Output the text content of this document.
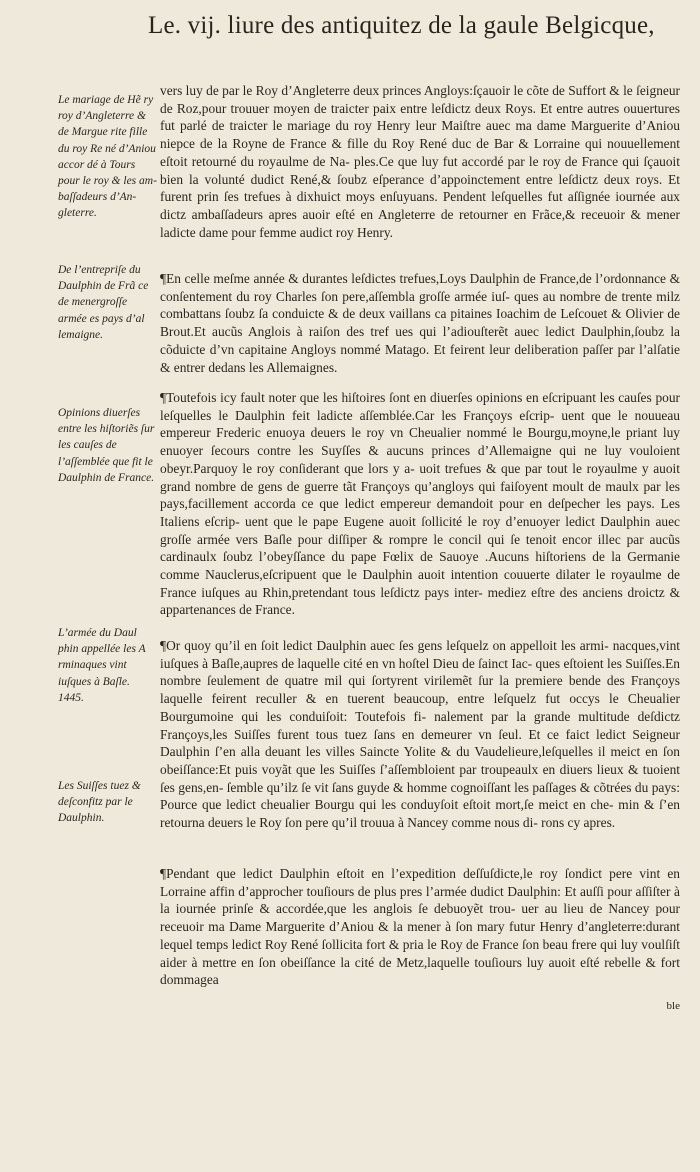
Le. vij. liure des antiquitez de la gaule Belgicque,
Le mariage de Hẽ ry roy d’Angleterre & de Margue rite fille du roy Re né d’Aniou accor dé à Tours pour le roy & les am- baſſadeurs d’An- gleterre.
De l’entrepriſe du Daulphin de Frã ce de menergroſſe armée es pays d’al lemaigne.
Opinions diuerſes entre les hiſtoriẽs ſur les cauſes de l’aſſemblée que fit le Daulphin de France.
L’armée du Daul phin appellée les A rminaques vint iuſques à Baſle. 1445.
Les Suiſſes tuez & deſconfitz par le Daulphin.
vers luy de par le Roy d’Angleterre deux princes Angloys:ſçauoir le cõte de Suffort & le ſeigneur de Roz,pour trouuer moyen de traicter paix entre leſdictz deux Roys. Et entre autres ouuertures fut parlé de traicter le mariage du roy Henry leur Maiſtre auec ma dame Marguerite d’Aniou niepce de la Royne de France & fille du Roy René duc de Bar & Lorraine qui nouuellement eſtoit retourné du royaulme de Na- ples.Ce que luy fut accordé par le roy de France qui ſçauoit bien la volunté dudict René,& ſoubz eſperance d’appoinctement entre leſdictz deux roys. Et furent prin ſes trefues à dixhuict moys enſuyuans. Pendent leſquelles fut aſſignée iournée aux dictz ambaſſadeurs apres auoir eſté en Angleterre de retourner en Frãce,& receuoir & mener ladicte dame pour femme audict roy Henry.
¶En celle meſme année & durantes leſdictes trefues,Loys Daulphin de France,de l’ordonnance & conſentement du roy Charles ſon pere,aſſembla groſſe armée iuſ- ques au nombre de trente milz combattans ſoubz ſa conduicte & de deux vaillans ca pitaines Ioachim de Leſcouet & Olivier de Brout.Et aucũs Anglois à raiſon des tref ues qui l’adiouſterẽt auec ledict Daulphin,ſoubz la cõduicte d’vn capitaine Angloys nommé Matago. Et feirent leur deliberation paſſer par l’alſatie & entrer dedans les Allemaignes.
¶Toutefois icy fault noter que les hiſtoires ſont en diuerſes opinions en eſcripuant les cauſes pour leſquelles le Daulphin feit ladicte aſſemblée.Car les Françoys eſcrip- uent que le nouueau empereur Frederic enuoya deuers le roy vn Cheualier nommé le Bourgu,moyne,le priant luy enuoyer ſecours contre les Suyſſes & aucuns princes d’Allemaigne qui ne luy vouloient obeyr.Parquoy le roy conſiderant que lors y a- uoit trefues & que par tout le royaulme y auoit grand nombre de gens de guerre tãt Françoys qu’angloys qui faiſoyent moult de maulx par les pays,facillement accorda ce que ledict empereur demandoit pour en deſpecher les pays. Les Italiens eſcrip- uent que le pape Eugene auoit ſollicité le roy d’enuoyer ledict Daulphin auec groſſe armée vers Baſle pour diſſiper & rompre le concil qui ſe tenoit encor illec par aucũs cardinaulx ſoubz l’obeyſſance du pape Fœlix de Sauoye .Aucuns hiſtoriens de la Germanie comme Nauclerus,eſcripuent que le Daulphin auoit intention couuerte dilater le royaulme de France iuſques au Rhin,pretendant tous leſdictz pays inter- mediez eſtre des anciens droictz & appartenances de France.
¶Or quoy qu’il en ſoit ledict Daulphin auec ſes gens leſquelz on appelloit les armi- nacques,vint iuſques à Baſle,aupres de laquelle cité en vn hoſtel Dieu de ſainct Iac- ques eſtoient les Suiſſes.En nombre ſeulement de quatre mil qui ſortyrent virilemẽt ſur la premiere bende des Françoys laquelle feirent reculler & en tuerent beaucoup, entre leſquelz fut occys le Cheualier Bourgumoine qui les conduiſoit: Toutefois fi- nalement par la grande multitude deſdictz Françoys,les Suiſſes furent tous tuez ſans en demeurer vn ſeul. Et ce faict ledict Seigneur Daulphin ſ’en alla deuant les villes Saincte Yolite & du Vaudelieure,leſquelles il meict en ſon obeiſſance:Et puis voyãt que les Suiſſes ſ’aſſembloient par troupeaulx en diuers lieux & tuoient ſes gens,en- ſemble qu’ilz ſe vit ſans guyde & homme cognoiſſant les paſſages & cõtrées du pays: Pource que ledict cheualier Bourgu qui les conduyſoit eſtoit mort,ſe meict en che- min & ſ’en retourna deuers le Roy ſon pere qu’il trouua à Nancey comme nous di- rons cy apres.
¶Pendant que ledict Daulphin eſtoit en l’expedition deſſuſdicte,le roy ſondict pere vint en Lorraine affin d’approcher touſiours de plus pres l’armée dudict Daulphin: Et auſſi pour aſſiſter à la iournée prinſe & accordée,que les anglois ſe debuoyẽt trou- uer au lieu de Nancey pour receuoir ma Dame Marguerite d’Aniou & la mener à ſon mary futur Henry d’angleterre:durant lequel temps ledict Roy René ſollicita fort & pria le Roy de France ſon beau frere qui luy voulſiſt aider à mettre en ſon obeiſſance la cité de Metz,laquelle touſiours luy auoit eſté rebelle & fort dommagea
ble
